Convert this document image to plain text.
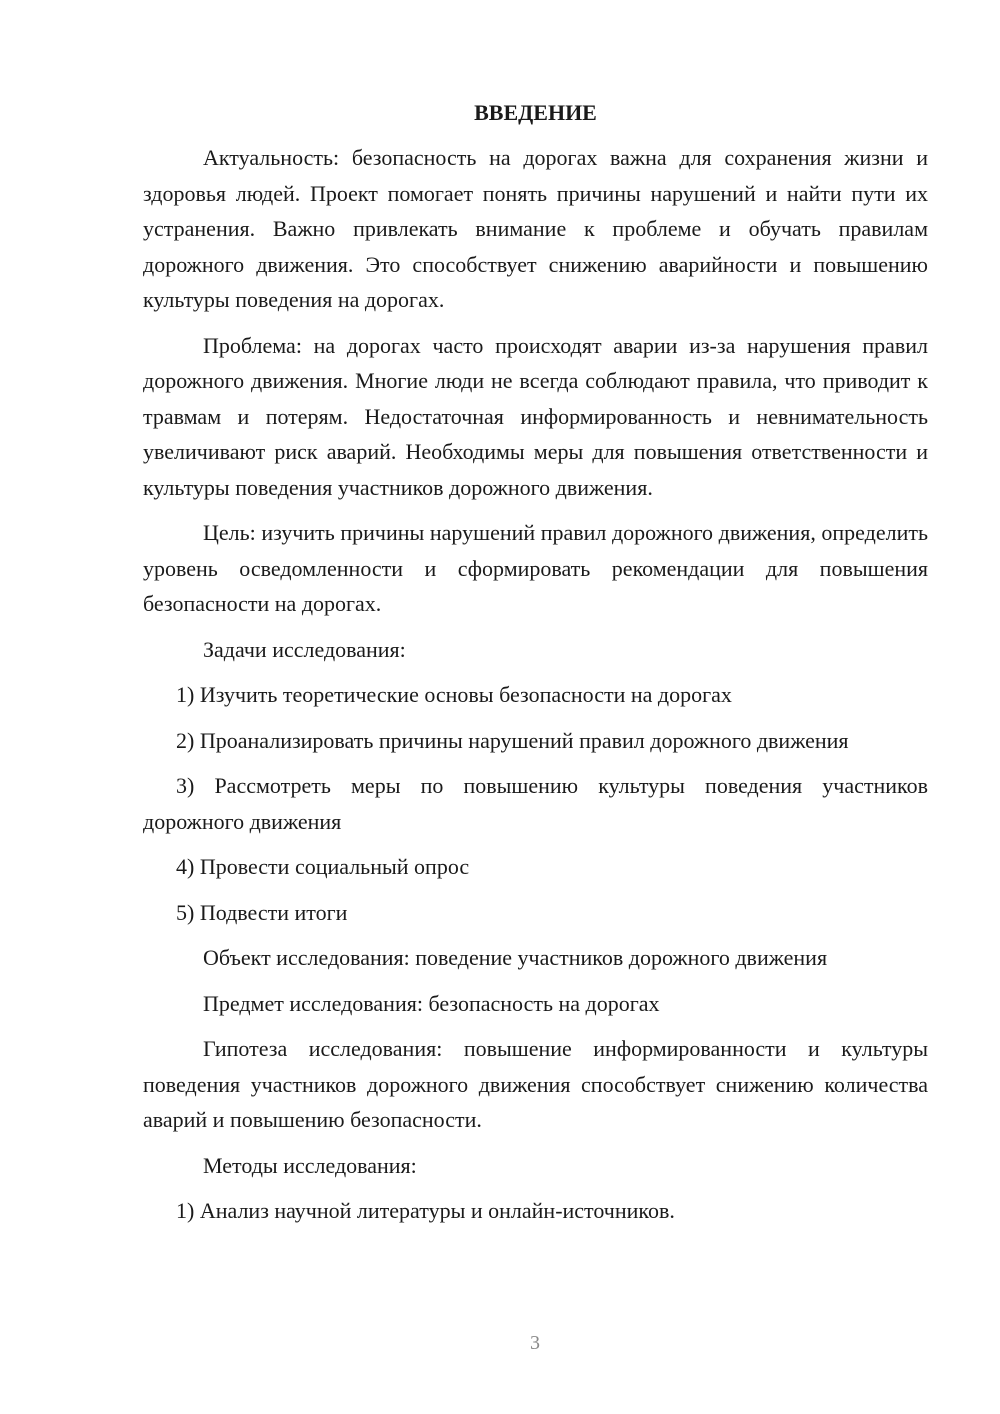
ВВЕДЕНИЕ

Актуальность: безопасность на дорогах важна для сохранения жизни и здоровья людей. Проект помогает понять причины нарушений и найти пути их устранения. Важно привлекать внимание к проблеме и обучать правилам дорожного движения. Это способствует снижению аварийности и повышению культуры поведения на дорогах.

Проблема: на дорогах часто происходят аварии из-за нарушения правил дорожного движения. Многие люди не всегда соблюдают правила, что приводит к травмам и потерям. Недостаточная информированность и невнимательность увеличивают риск аварий. Необходимы меры для повышения ответственности и культуры поведения участников дорожного движения.

Цель: изучить причины нарушений правил дорожного движения, определить уровень осведомленности и сформировать рекомендации для повышения безопасности на дорогах.

Задачи исследования:

1) Изучить теоретические основы безопасности на дорогах

2) Проанализировать причины нарушений правил дорожного движения

3) Рассмотреть меры по повышению культуры поведения участников дорожного движения

4) Провести социальный опрос

5) Подвести итоги

Объект исследования: поведение участников дорожного движения

Предмет исследования: безопасность на дорогах

Гипотеза исследования: повышение информированности и культуры поведения участников дорожного движения способствует снижению количества аварий и повышению безопасности.

Методы исследования:

1) Анализ научной литературы и онлайн-источников.

3
